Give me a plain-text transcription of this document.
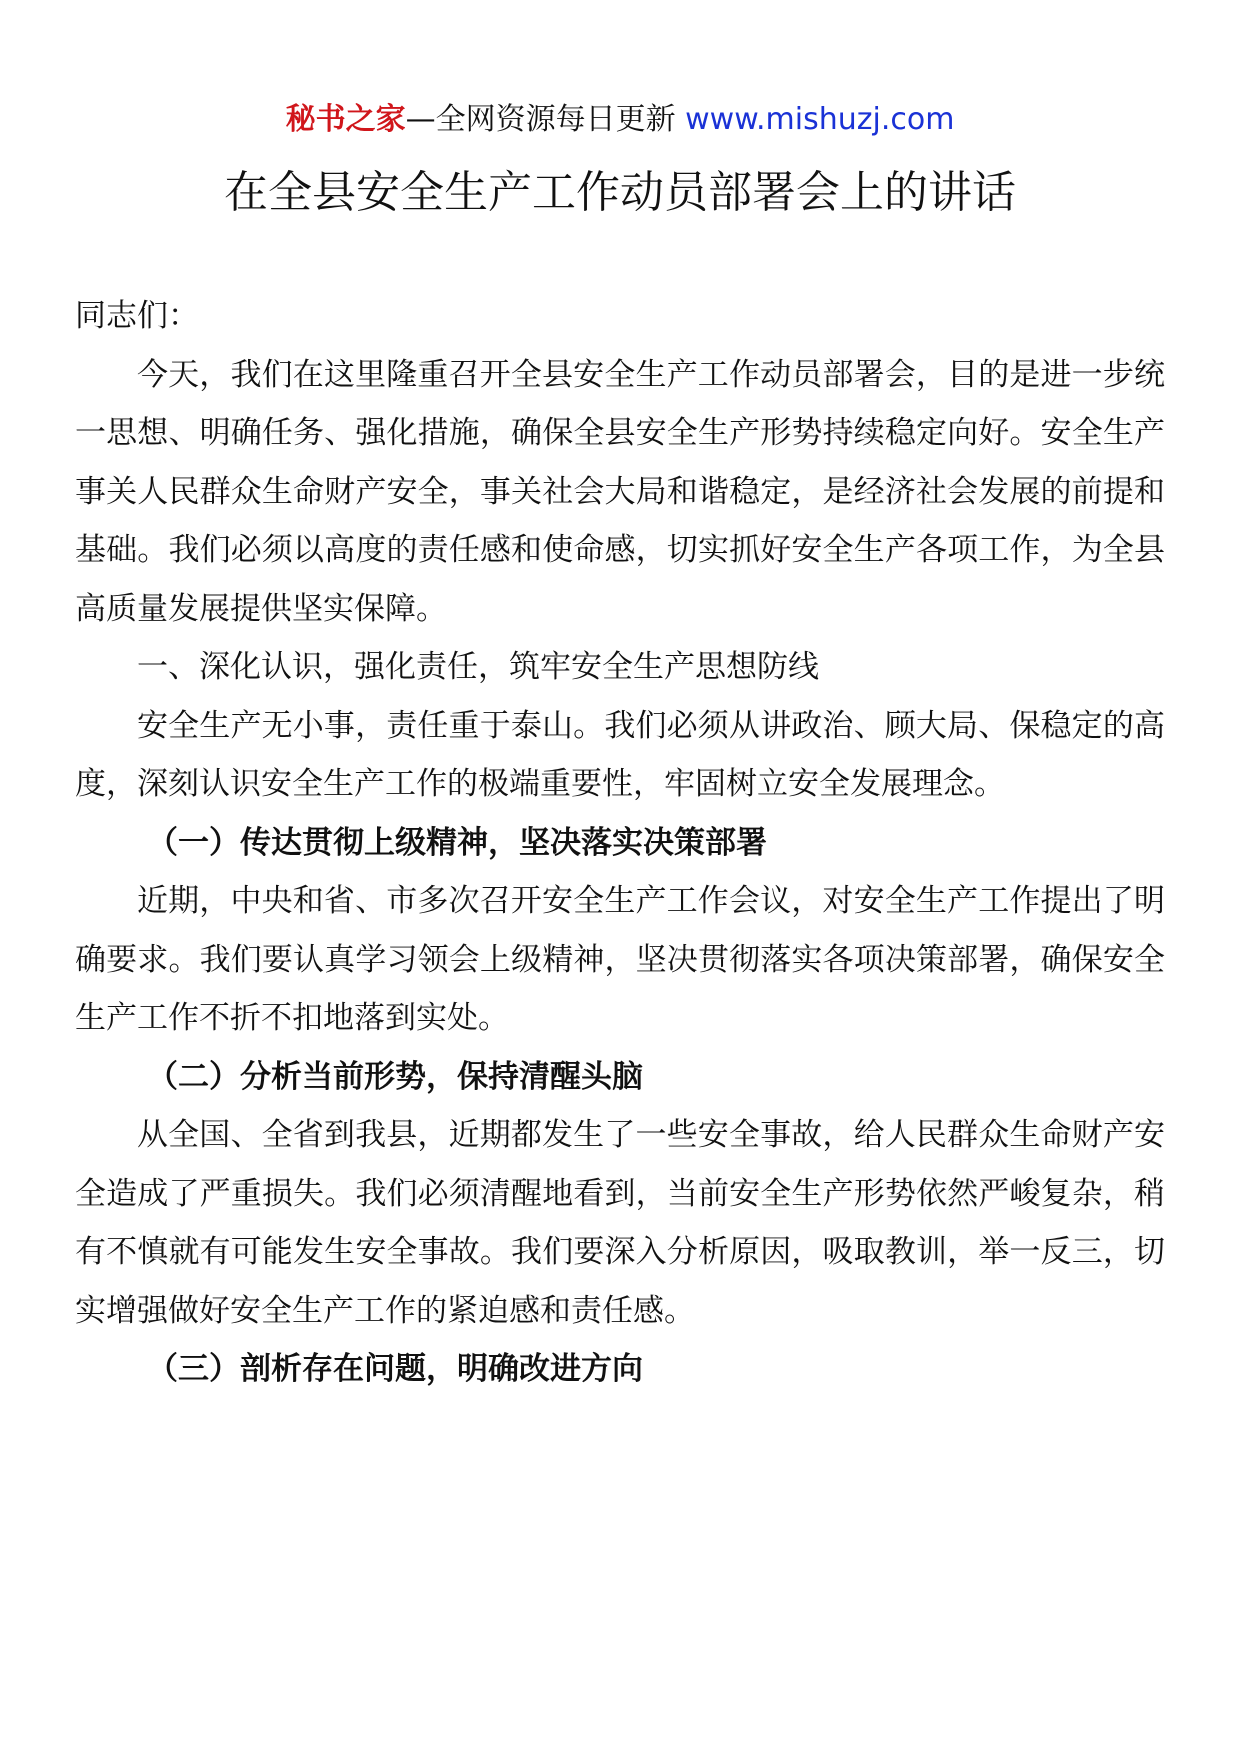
秘书之家—全网资源每日更新 www.mishuzj.com
在全县安全生产工作动员部署会上的讲话

同志们：

今天，我们在这里隆重召开全县安全生产工作动员部署会，目的是进一步统一思想、明确任务、强化措施，确保全县安全生产形势持续稳定向好。安全生产事关人民群众生命财产安全，事关社会大局和谐稳定，是经济社会发展的前提和基础。我们必须以高度的责任感和使命感，切实抓好安全生产各项工作，为全县高质量发展提供坚实保障。

一、深化认识，强化责任，筑牢安全生产思想防线

安全生产无小事，责任重于泰山。我们必须从讲政治、顾大局、保稳定的高度，深刻认识安全生产工作的极端重要性，牢固树立安全发展理念。

（一）传达贯彻上级精神，坚决落实决策部署

近期，中央和省、市多次召开安全生产工作会议，对安全生产工作提出了明确要求。我们要认真学习领会上级精神，坚决贯彻落实各项决策部署，确保安全生产工作不折不扣地落到实处。

（二）分析当前形势，保持清醒头脑

从全国、全省到我县，近期都发生了一些安全事故，给人民群众生命财产安全造成了严重损失。我们必须清醒地看到，当前安全生产形势依然严峻复杂，稍有不慎就有可能发生安全事故。我们要深入分析原因，吸取教训，举一反三，切实增强做好安全生产工作的紧迫感和责任感。

（三）剖析存在问题，明确改进方向
